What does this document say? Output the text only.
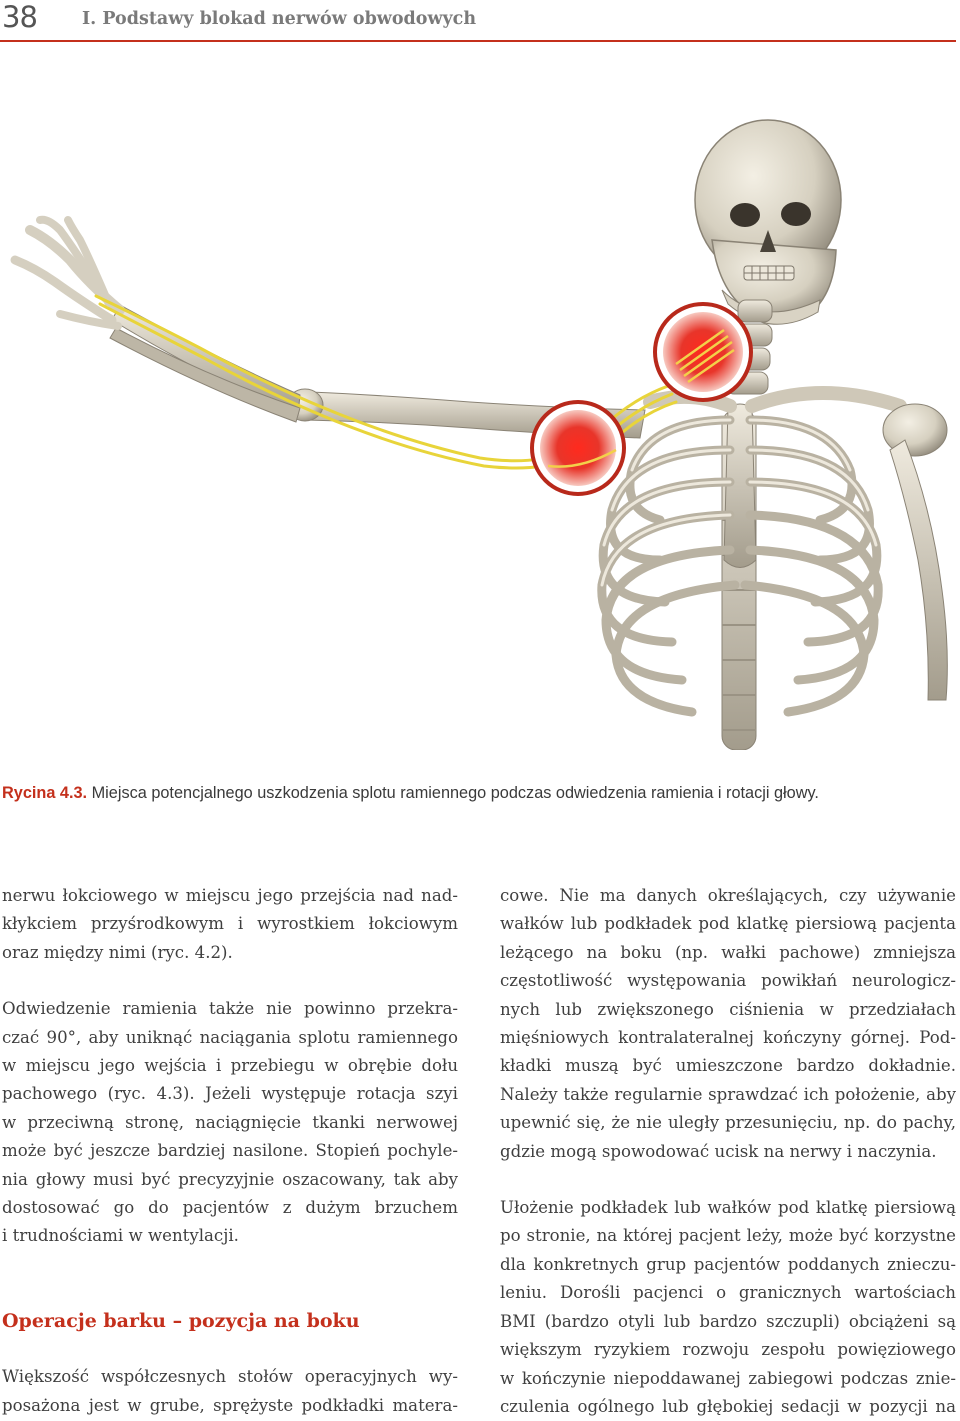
38	I. Podstawy blokad nerwów obwodowych
Rycina 4.3. Miejsca potencjalnego uszkodzenia splotu ramiennego podczas odwiedzenia ramienia i rotacji głowy.

nerwu łokciowego w miejscu jego przejścia nad nad-
kłykciem przyśrodkowym i wyrostkiem łokciowym
oraz między nimi (ryc. 4.2).

Odwiedzenie ramienia także nie powinno przekra-
czać 90°, aby uniknąć naciągania splotu ramiennego
w miejscu jego wejścia i przebiegu w obrębie dołu
pachowego (ryc. 4.3). Jeżeli występuje rotacja szyi
w przeciwną stronę, naciągnięcie tkanki nerwowej
może być jeszcze bardziej nasilone. Stopień pochyle-
nia głowy musi być precyzyjnie oszacowany, tak aby
dostosować go do pacjentów z dużym brzuchem
i trudnościami w wentylacji.

Operacje barku – pozycja na boku

Większość współczesnych stołów operacyjnych wy-
posażona jest w grube, sprężyste podkładki matera-

cowe. Nie ma danych określających, czy używanie
wałków lub podkładek pod klatkę piersiową pacjenta
leżącego na boku (np. wałki pachowe) zmniejsza
częstotliwość występowania powikłań neurologicz-
nych lub zwiększonego ciśnienia w przedziałach
mięśniowych kontralateralnej kończyny górnej. Pod-
kładki muszą być umieszczone bardzo dokładnie.
Należy także regularnie sprawdzać ich położenie, aby
upewnić się, że nie uległy przesunięciu, np. do pachy,
gdzie mogą spowodować ucisk na nerwy i naczynia.

Ułożenie podkładek lub wałków pod klatkę piersiową
po stronie, na której pacjent leży, może być korzystne
dla konkretnych grup pacjentów poddanych znieczu-
leniu. Dorośli pacjenci o granicznych wartościach
BMI (bardzo otyli lub bardzo szczupli) obciążeni są
większym ryzykiem rozwoju zespołu powięziowego
w kończynie niepoddawanej zabiegowi podczas znie-
czulenia ogólnego lub głębokiej sedacji w pozycji na
